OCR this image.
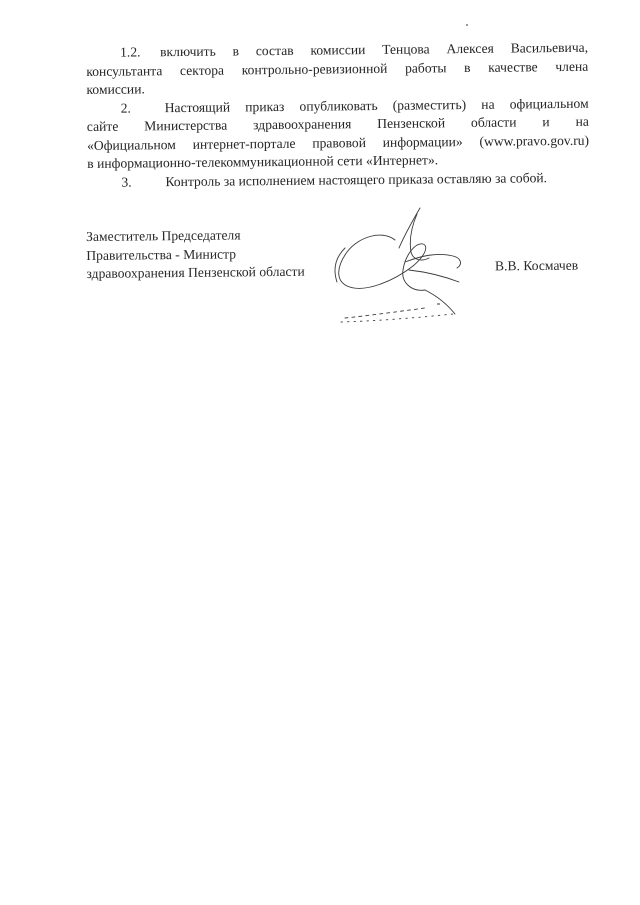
1.2. включить в состав комиссии Тенцова Алексея Васильевича,
консультанта сектора контрольно-ревизионной работы в качестве члена
комиссии.

2. Настоящий приказ опубликовать (разместить) на официальном
сайте Министерства здравоохранения Пензенской области и на
«Официальном интернет-портале правовой информации» (www.pravo.gov.ru)
в информационно-телекоммуникационной сети «Интернет».

3. Контроль за исполнением настоящего приказа оставляю за собой.

Заместитель Председателя
Правительства - Министр
здравоохранения Пензенской области	В.В. Космачев
